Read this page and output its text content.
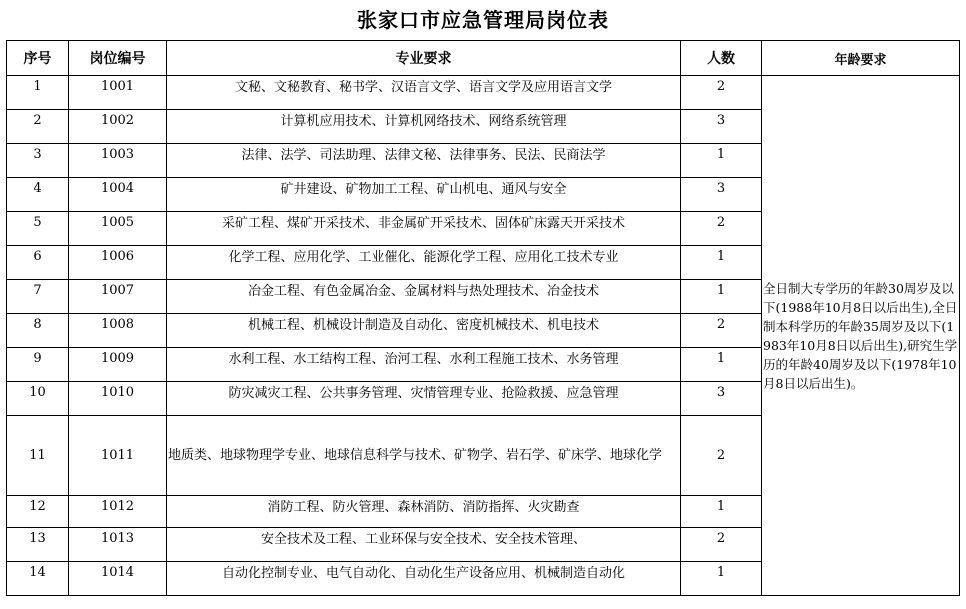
张家口市应急管理局岗位表
序号	岗位编号	专业要求	人数	年龄要求
1	1001	文秘、文秘教育、秘书学、汉语言文学、语言文学及应用语言文学	2	全日制大专学历的年龄30周岁及以下(1988年10月8日以后出生),全日制本科学历的年龄35周岁及以下(1983年10月8日以后出生),研究生学历的年龄40周岁及以下(1978年10月8日以后出生)。
2	1002	计算机应用技术、计算机网络技术、网络系统管理	3	
3	1003	法律、法学、司法助理、法律文秘、法律事务、民法、民商法学	1	
4	1004	矿井建设、矿物加工工程、矿山机电、通风与安全	3	
5	1005	采矿工程、煤矿开采技术、非金属矿开采技术、固体矿床露天开采技术	2	
6	1006	化学工程、应用化学、工业催化、能源化学工程、应用化工技术专业	1	
7	1007	冶金工程、有色金属冶金、金属材料与热处理技术、冶金技术	1	
8	1008	机械工程、机械设计制造及自动化、密度机械技术、机电技术	2	
9	1009	水利工程、水工结构工程、治河工程、水利工程施工技术、水务管理	1	
10	1010	防灾减灾工程、公共事务管理、灾情管理专业、抢险救援、应急管理	3	
11	1011	地质类、地球物理学专业、地球信息科学与技术、矿物学、岩石学、矿床学、地球化学	2	
12	1012	消防工程、防火管理、森林消防、消防指挥、火灾勘查	1	
13	1013	安全技术及工程、工业环保与安全技术、安全技术管理、	2	
14	1014	自动化控制专业、电气自动化、自动化生产设备应用、机械制造自动化	1	
